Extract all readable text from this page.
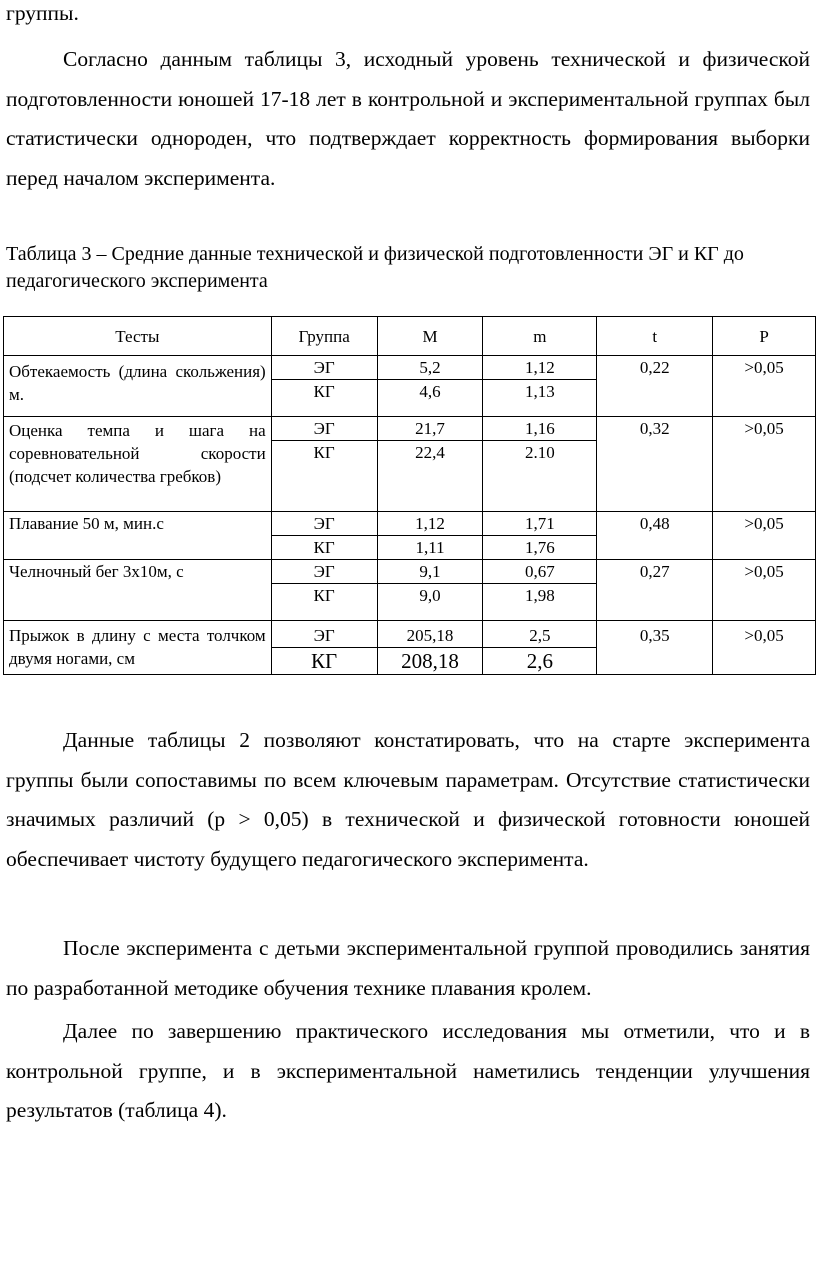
группы.

Согласно данным таблицы 3, исходный уровень технической и физической подготовленности юношей 17-18 лет в контрольной и экспериментальной группах был статистически однороден, что подтверждает корректность формирования выборки перед началом эксперимента.

Таблица 3 – Средние данные технической и физической подготовленности ЭГ и КГ до педагогического эксперимента

Тесты	Группа	M	m	t	P
Обтекаемость (длина скольжения) м.	ЭГ	5,2	1,12	0,22	>0,05
	КГ	4,6	1,13		
Оценка темпа и шага на соревновательной скорости (подсчет количества гребков)	ЭГ	21,7	1,16	0,32	>0,05
	КГ	22,4	2.10		
Плавание 50 м, мин.с	ЭГ	1,12	1,71	0,48	>0,05
	КГ	1,11	1,76		
Челночный бег 3х10м, с	ЭГ	9,1	0,67	0,27	>0,05
	КГ	9,0	1,98		
Прыжок в длину с места толчком двумя ногами, см	ЭГ	205,18	2,5	0,35	>0,05
	КГ	208,18	2,6		

Данные таблицы 2 позволяют констатировать, что на старте эксперимента группы были сопоставимы по всем ключевым параметрам. Отсутствие статистически значимых различий (p > 0,05) в технической и физической готовности юношей обеспечивает чистоту будущего педагогического эксперимента.

После эксперимента с детьми экспериментальной группой проводились занятия по разработанной методике обучения технике плавания кролем.

Далее по завершению практического исследования мы отметили, что и в контрольной группе, и в экспериментальной наметились тенденции улучшения результатов (таблица 4).
